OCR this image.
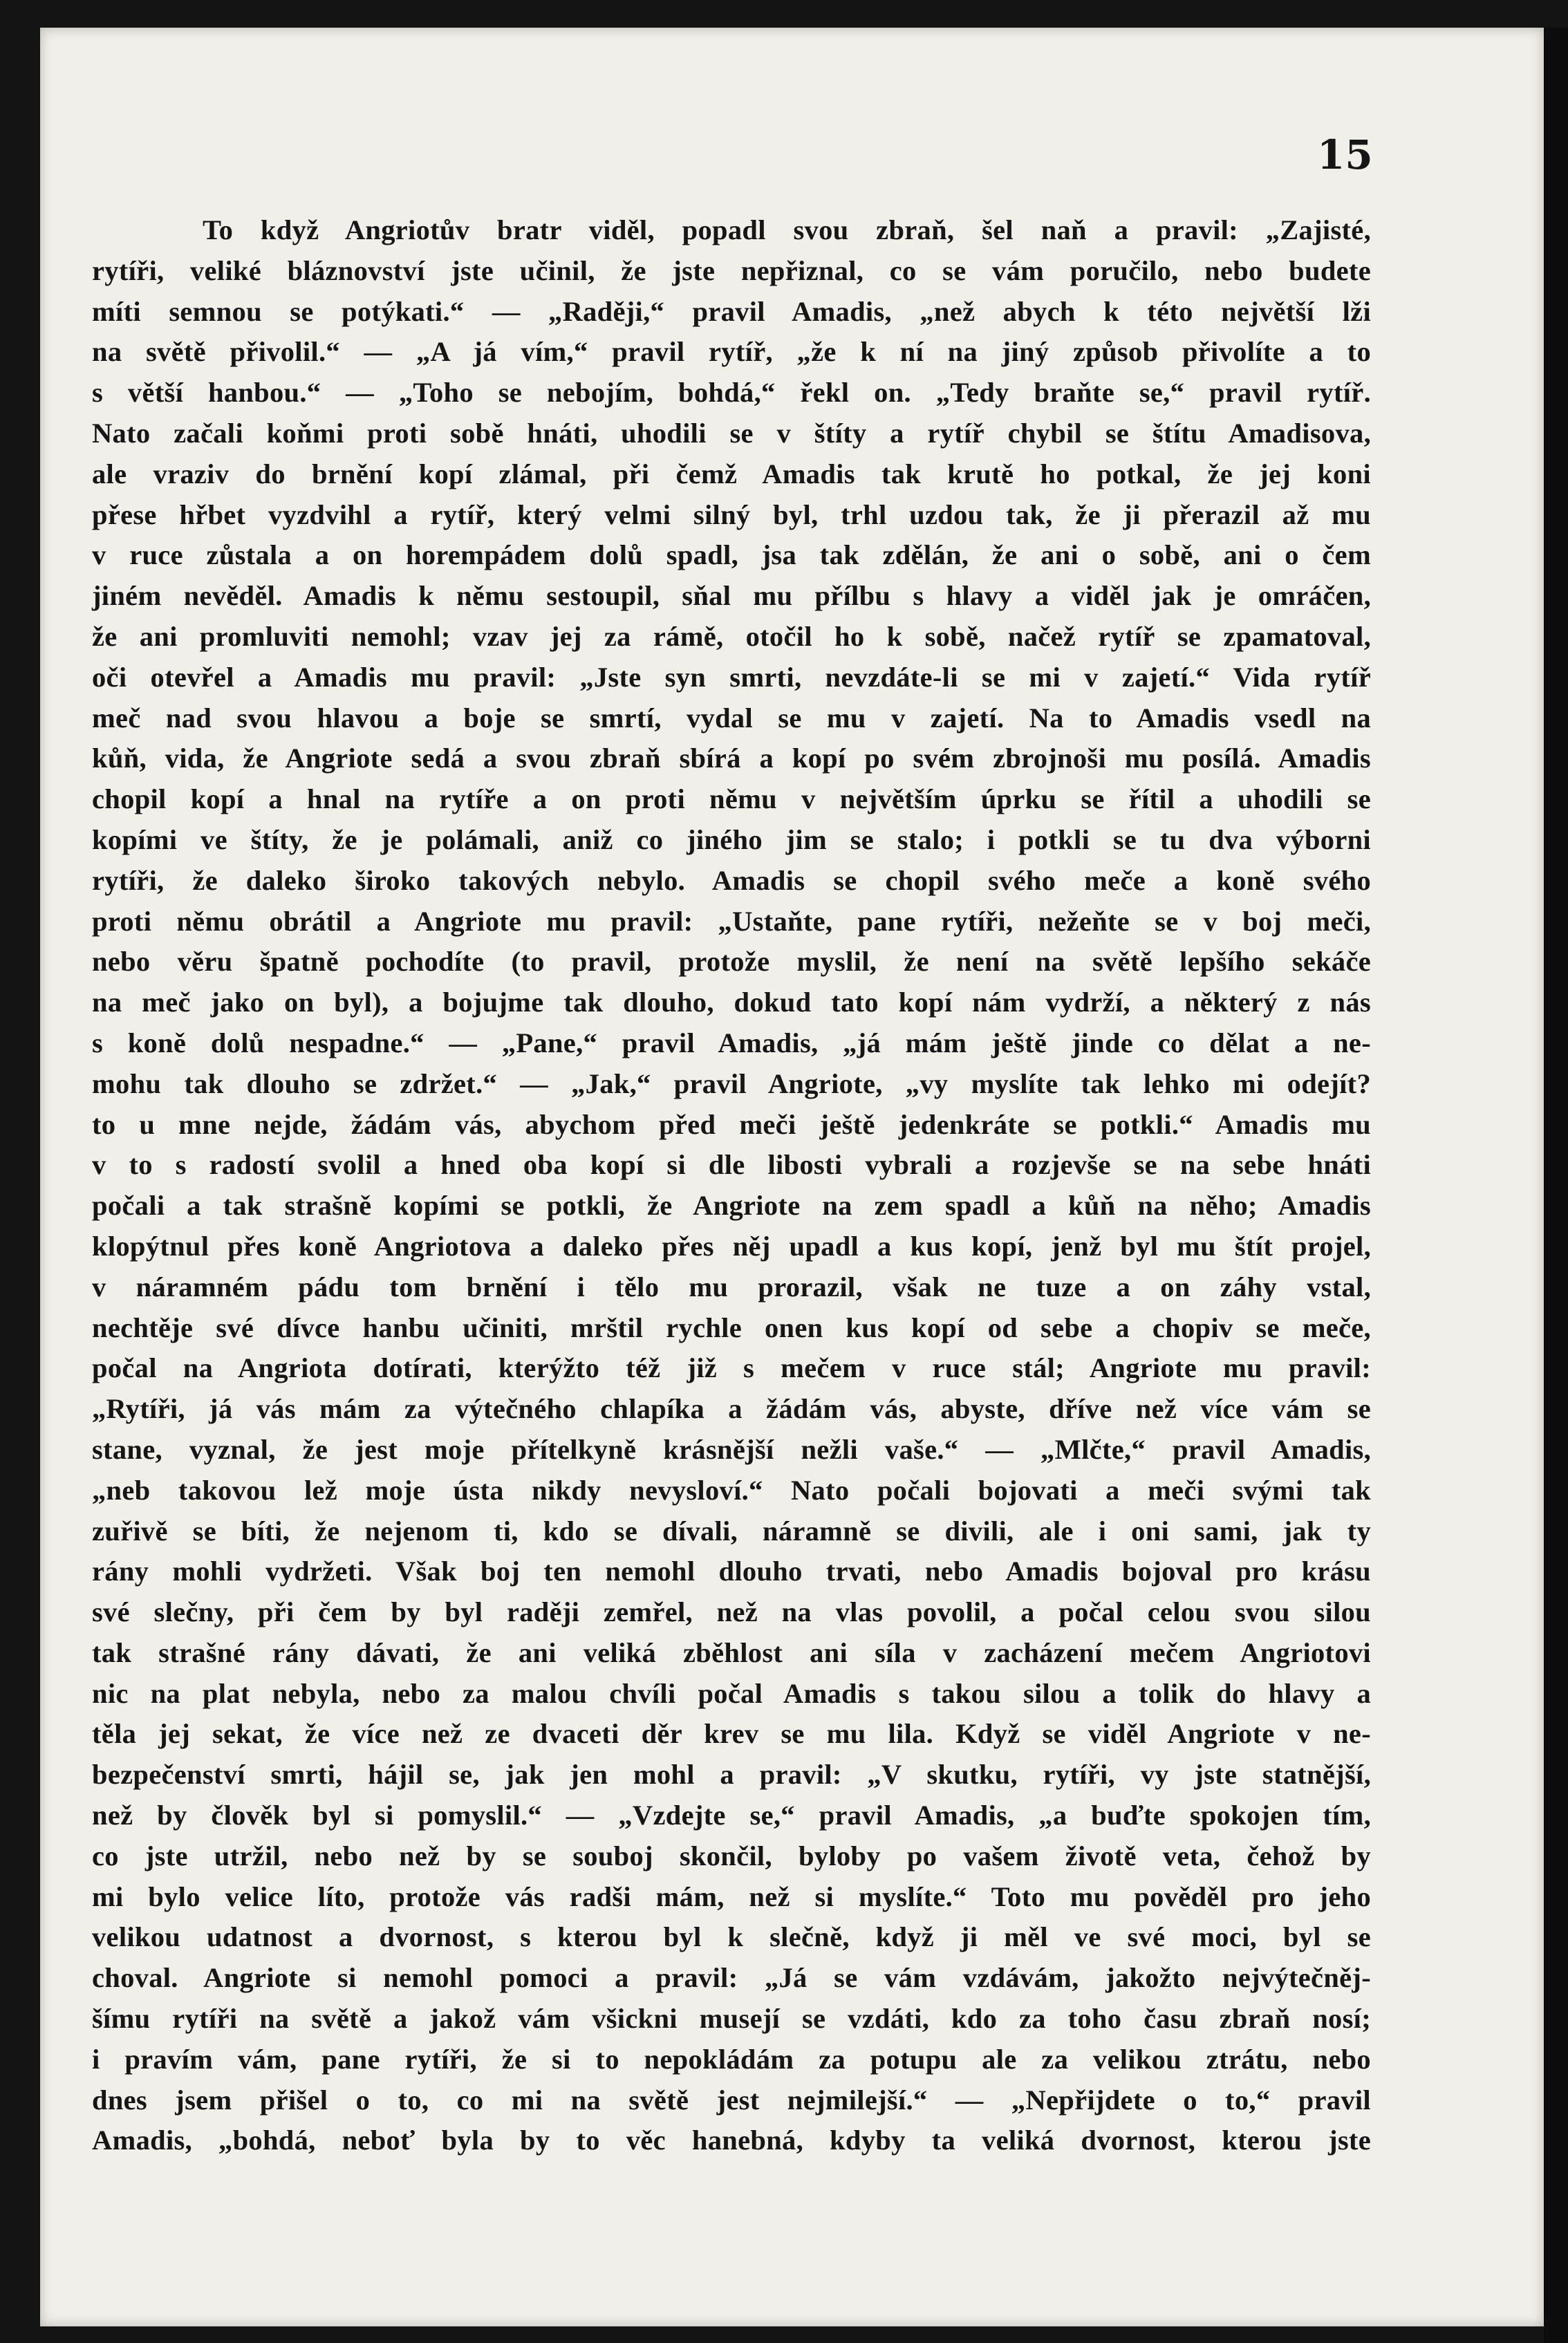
15
To když Angriotův bratr viděl, popadl svou zbraň, šel naň a pravil: „Zajisté,
rytíři, veliké bláznovství jste učinil, že jste nepřiznal, co se vám poručilo, nebo budete
míti semnou se potýkati.“ — „Raději,“ pravil Amadis, „než abych k této největší lži
na světě přivolil.“ — „A já vím,“ pravil rytíř, „že k ní na jiný způsob přivolíte a to
s větší hanbou.“ — „Toho se nebojím, bohdá,“ řekl on. „Tedy braňte se,“ pravil rytíř.
Nato začali koňmi proti sobě hnáti, uhodili se v štíty a rytíř chybil se štítu Amadisova,
ale vraziv do brnění kopí zlámal, při čemž Amadis tak krutě ho potkal, že jej koni
přese hřbet vyzdvihl a rytíř, který velmi silný byl, trhl uzdou tak, že ji přerazil až mu
v ruce zůstala a on horempádem dolů spadl, jsa tak zdělán, že ani o sobě, ani o čem
jiném nevěděl. Amadis k němu sestoupil, sňal mu přílbu s hlavy a viděl jak je omráčen,
že ani promluviti nemohl; vzav jej za rámě, otočil ho k sobě, načež rytíř se zpamatoval,
oči otevřel a Amadis mu pravil: „Jste syn smrti, nevzdáte-li se mi v zajetí.“ Vida rytíř
meč nad svou hlavou a boje se smrtí, vydal se mu v zajetí. Na to Amadis vsedl na
kůň, vida, že Angriote sedá a svou zbraň sbírá a kopí po svém zbrojnoši mu posílá. Amadis
chopil kopí a hnal na rytíře a on proti němu v největším úprku se řítil a uhodili se
kopími ve štíty, že je polámali, aniž co jiného jim se stalo; i potkli se tu dva výborni
rytíři, že daleko široko takových nebylo. Amadis se chopil svého meče a koně svého
proti němu obrátil a Angriote mu pravil: „Ustaňte, pane rytíři, nežeňte se v boj meči,
nebo věru špatně pochodíte (to pravil, protože myslil, že není na světě lepšího sekáče
na meč jako on byl), a bojujme tak dlouho, dokud tato kopí nám vydrží, a některý z nás
s koně dolů nespadne.“ — „Pane,“ pravil Amadis, „já mám ještě jinde co dělat a ne-
mohu tak dlouho se zdržet.“ — „Jak,“ pravil Angriote, „vy myslíte tak lehko mi odejít?
to u mne nejde, žádám vás, abychom před meči ještě jedenkráte se potkli.“ Amadis mu
v to s radostí svolil a hned oba kopí si dle libosti vybrali a rozjevše se na sebe hnáti
počali a tak strašně kopími se potkli, že Angriote na zem spadl a kůň na něho; Amadis
klopýtnul přes koně Angriotova a daleko přes něj upadl a kus kopí, jenž byl mu štít projel,
v náramném pádu tom brnění i tělo mu prorazil, však ne tuze a on záhy vstal,
nechtěje své dívce hanbu učiniti, mrštil rychle onen kus kopí od sebe a chopiv se meče,
počal na Angriota dotírati, kterýžto též již s mečem v ruce stál; Angriote mu pravil:
„Rytíři, já vás mám za výtečného chlapíka a žádám vás, abyste, dříve než více vám se
stane, vyznal, že jest moje přítelkyně krásnější nežli vaše.“ — „Mlčte,“ pravil Amadis,
„neb takovou lež moje ústa nikdy nevysloví.“ Nato počali bojovati a meči svými tak
zuřivě se bíti, že nejenom ti, kdo se dívali, náramně se divili, ale i oni sami, jak ty
rány mohli vydržeti. Však boj ten nemohl dlouho trvati, nebo Amadis bojoval pro krásu
své slečny, při čem by byl raději zemřel, než na vlas povolil, a počal celou svou silou
tak strašné rány dávati, že ani veliká zběhlost ani síla v zacházení mečem Angriotovi
nic na plat nebyla, nebo za malou chvíli počal Amadis s takou silou a tolik do hlavy a
těla jej sekat, že více než ze dvaceti děr krev se mu lila. Když se viděl Angriote v ne-
bezpečenství smrti, hájil se, jak jen mohl a pravil: „V skutku, rytíři, vy jste statnější,
než by člověk byl si pomyslil.“ — „Vzdejte se,“ pravil Amadis, „a buďte spokojen tím,
co jste utržil, nebo než by se souboj skončil, byloby po vašem životě veta, čehož by
mi bylo velice líto, protože vás radši mám, než si myslíte.“ Toto mu pověděl pro jeho
velikou udatnost a dvornost, s kterou byl k slečně, když ji měl ve své moci, byl se
choval. Angriote si nemohl pomoci a pravil: „Já se vám vzdávám, jakožto nejvýtečněj-
šímu rytíři na světě a jakož vám všickni musejí se vzdáti, kdo za toho času zbraň nosí;
i pravím vám, pane rytíři, že si to nepokládám za potupu ale za velikou ztrátu, nebo
dnes jsem přišel o to, co mi na světě jest nejmilejší.“ — „Nepřijdete o to,“ pravil
Amadis, „bohdá, neboť byla by to věc hanebná, kdyby ta veliká dvornost, kterou jste
